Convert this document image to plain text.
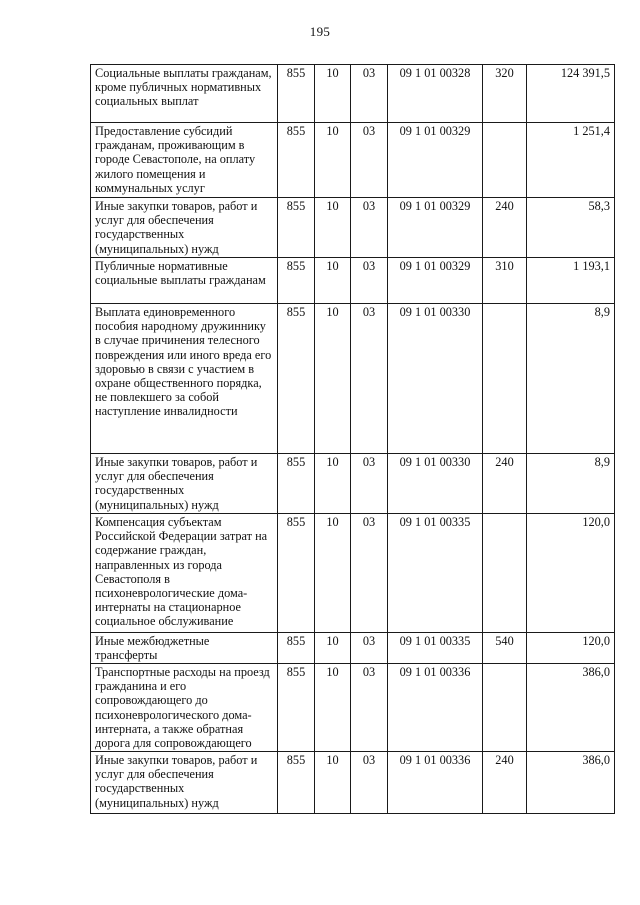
195
Социальные выплаты гражданам, кроме публичных нормативных социальных выплат	855	10	03	09 1 01 00328	320	124 391,5
Предоставление субсидий гражданам, проживающим в городе Севастополе, на оплату жилого помещения и коммунальных услуг	855	10	03	09 1 01 00329		1 251,4
Иные закупки товаров, работ и услуг для обеспечения государственных (муниципальных) нужд	855	10	03	09 1 01 00329	240	58,3
Публичные нормативные социальные выплаты гражданам	855	10	03	09 1 01 00329	310	1 193,1
Выплата единовременного пособия народному дружиннику в случае причинения телесного повреждения или иного вреда его здоровью в связи с участием в охране общественного порядка, не повлекшего за собой наступление инвалидности	855	10	03	09 1 01 00330		8,9
Иные закупки товаров, работ и услуг для обеспечения государственных (муниципальных) нужд	855	10	03	09 1 01 00330	240	8,9
Компенсация субъектам Российской Федерации затрат на содержание граждан, направленных из города Севастополя в психоневрологические дома-интернаты на стационарное социальное обслуживание	855	10	03	09 1 01 00335		120,0
Иные межбюджетные трансферты	855	10	03	09 1 01 00335	540	120,0
Транспортные расходы на проезд гражданина и его сопровождающего до психоневрологического дома-интерната, а также обратная дорога для сопровождающего	855	10	03	09 1 01 00336		386,0
Иные закупки товаров, работ и услуг для обеспечения государственных (муниципальных) нужд	855	10	03	09 1 01 00336	240	386,0
